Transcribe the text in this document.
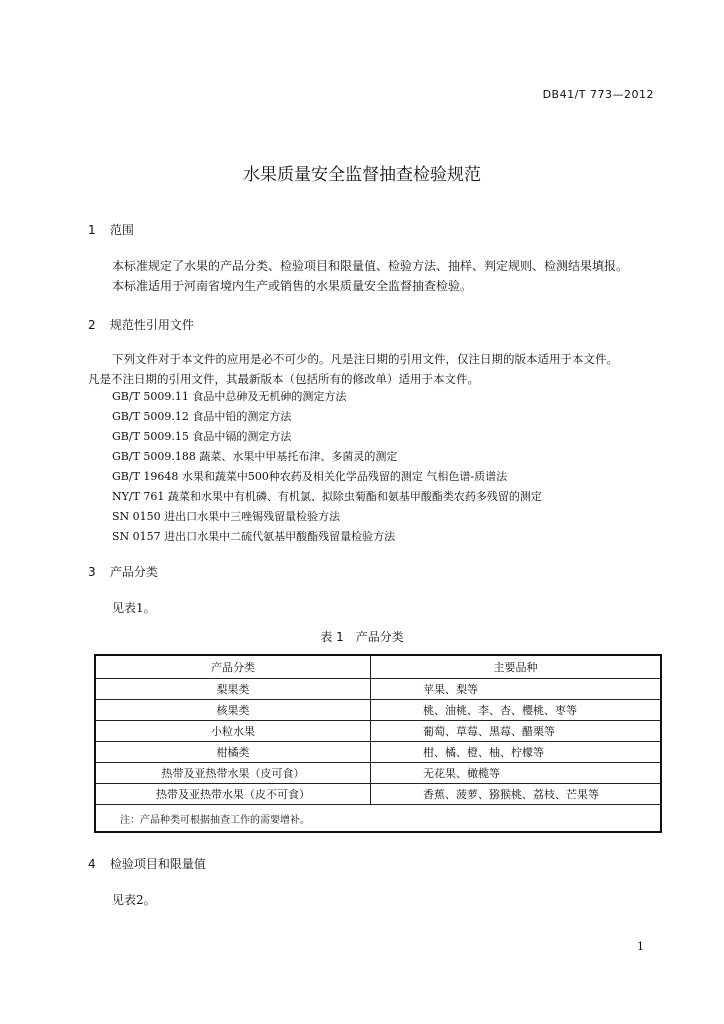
DB41/T 773—2012
水果质量安全监督抽查检验规范
1 范围
本标准规定了水果的产品分类、检验项目和限量值、检验方法、抽样、判定规则、检测结果填报。
本标准适用于河南省境内生产或销售的水果质量安全监督抽查检验。
2 规范性引用文件
下列文件对于本文件的应用是必不可少的。凡是注日期的引用文件，仅注日期的版本适用于本文件。
凡是不注日期的引用文件，其最新版本（包括所有的修改单）适用于本文件。
GB/T 5009.11 食品中总砷及无机砷的测定方法
GB/T 5009.12 食品中铅的测定方法
GB/T 5009.15 食品中镉的测定方法
GB/T 5009.188 蔬菜、水果中甲基托布津、多菌灵的测定
GB/T 19648 水果和蔬菜中500种农药及相关化学品残留的测定 气相色谱-质谱法
NY/T 761 蔬菜和水果中有机磷、有机氯、拟除虫菊酯和氨基甲酸酯类农药多残留的测定
SN 0150 进出口水果中三唑锡残留量检验方法
SN 0157 进出口水果中二硫代氨基甲酸酯残留量检验方法
3 产品分类
见表1。
表 1　产品分类
产品分类	主要品种
梨果类	苹果、梨等
核果类	桃、油桃、李、杏、樱桃、枣等
小粒水果	葡萄、草莓、黑莓、醋栗等
柑橘类	柑、橘、橙、柚、柠檬等
热带及亚热带水果（皮可食）	无花果、橄榄等
热带及亚热带水果（皮不可食）	香蕉、菠萝、猕猴桃、荔枝、芒果等
注：产品种类可根据抽查工作的需要增补。	
4 检验项目和限量值
见表2。
1
